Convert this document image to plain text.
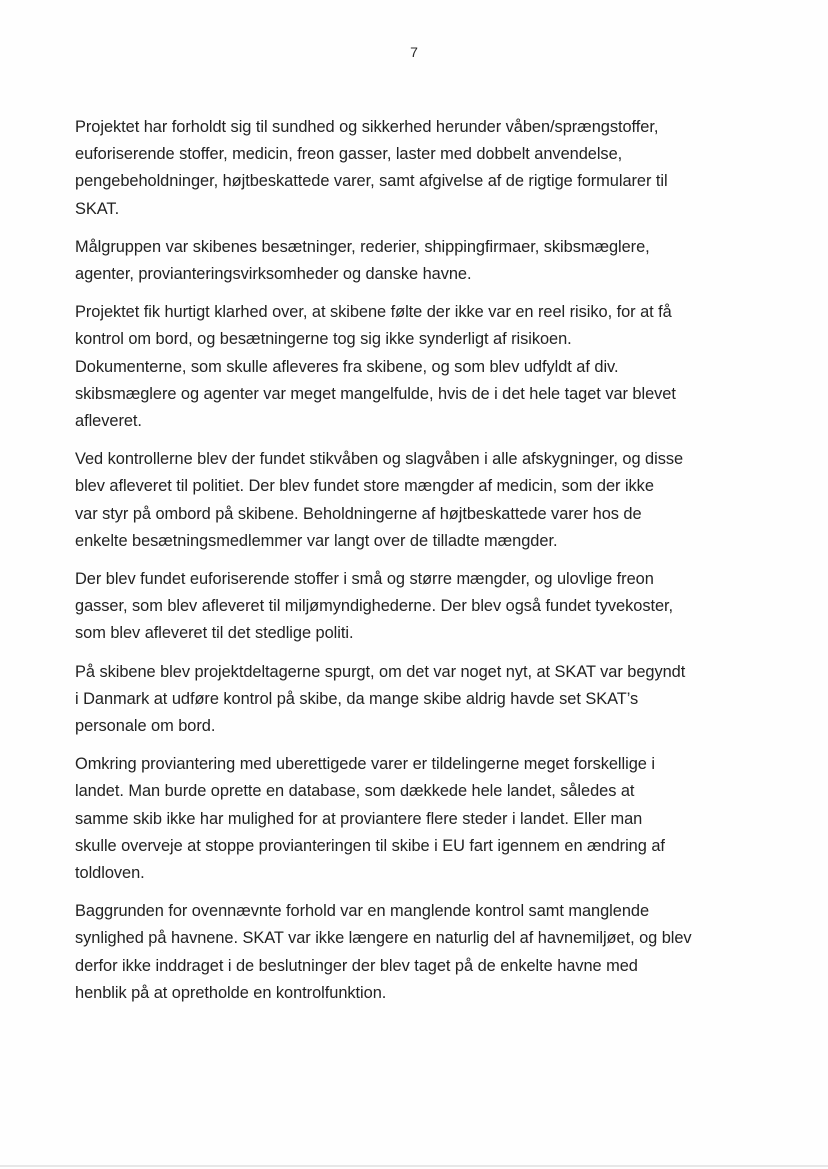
7

Projektet har forholdt sig til sundhed og sikkerhed herunder våben/sprængstoffer,
euforiserende stoffer, medicin, freon gasser, laster med dobbelt anvendelse,
pengebeholdninger, højtbeskattede varer, samt afgivelse af de rigtige formularer til
SKAT.

Målgruppen var skibenes besætninger, rederier, shippingfirmaer, skibsmæglere,
agenter, provianteringsvirksomheder og danske havne.

Projektet fik hurtigt klarhed over, at skibene følte der ikke var en reel risiko, for at få
kontrol om bord, og besætningerne tog sig ikke synderligt af risikoen.
Dokumenterne, som skulle afleveres fra skibene, og som blev udfyldt af div.
skibsmæglere og agenter var meget mangelfulde, hvis de i det hele taget var blevet
afleveret.

Ved kontrollerne blev der fundet stikvåben og slagvåben i alle afskygninger, og disse
blev afleveret til politiet. Der blev fundet store mængder af medicin, som der ikke
var styr på ombord på skibene. Beholdningerne af højtbeskattede varer hos de
enkelte besætningsmedlemmer var langt over de tilladte mængder.

Der blev fundet euforiserende stoffer i små og større mængder, og ulovlige freon
gasser, som blev afleveret til miljømyndighederne. Der blev også fundet tyvekoster,
som blev afleveret til det stedlige politi.

På skibene blev projektdeltagerne spurgt, om det var noget nyt, at SKAT var begyndt
i Danmark at udføre kontrol på skibe, da mange skibe aldrig havde set SKAT’s
personale om bord.

Omkring proviantering med uberettigede varer er tildelingerne meget forskellige i
landet. Man burde oprette en database, som dækkede hele landet, således at
samme skib ikke har mulighed for at proviantere flere steder i landet. Eller man
skulle overveje at stoppe provianteringen til skibe i EU fart igennem en ændring af
toldloven.

Baggrunden for ovennævnte forhold var en manglende kontrol samt manglende
synlighed på havnene. SKAT var ikke længere en naturlig del af havnemiljøet, og blev
derfor ikke inddraget i de beslutninger der blev taget på de enkelte havne med
henblik på at opretholde en kontrolfunktion.
